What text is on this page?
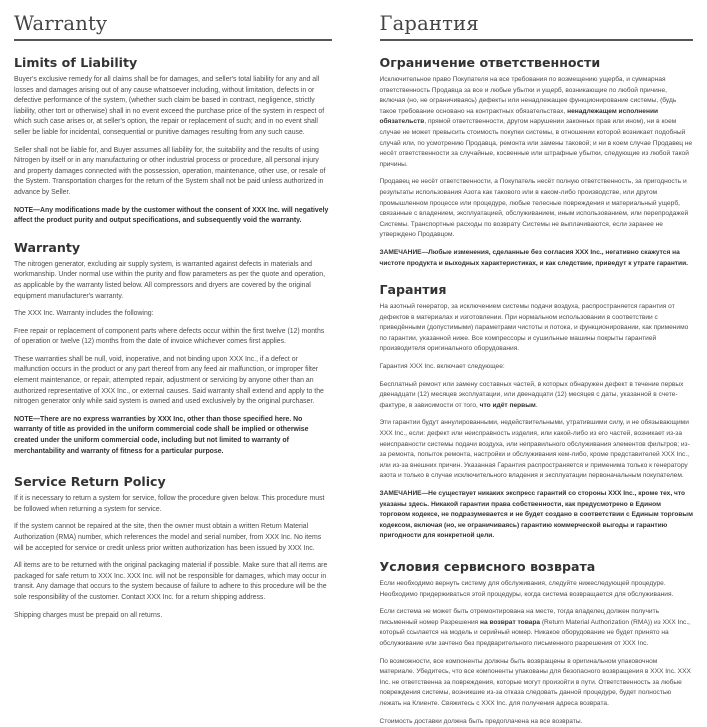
Warranty
Limits of Liability

Buyer's exclusive remedy for all claims shall be for damages, and seller's total liability for any and all losses and damages arising out of any cause whatsoever including, without limitation, defects in or defective performance of the system, (whether such claim be based in contract, negligence, strictly liability, other tort or otherwise) shall in no event exceed the purchase price of the system in respect of which such case arises or, at seller's option, the repair or replacement of such; and in no event shall seller be liable for incidental, consequential or punitive damages resulting from any such cause.

Seller shall not be liable for, and Buyer assumes all liability for, the suitability and the results of using Nitrogen by itself or in any manufacturing or other industrial process or procedure, all personal injury and property damages connected with the possession, operation, maintenance, other use, or resale of the System. Transportation charges for the return of the System shall not be paid unless authorized in advance by Seller.

NOTE—Any modifications made by the customer without the consent of XXX Inc. will negatively affect the product purity and output specifications, and subsequently void the warranty.

Warranty

The nitrogen generator, excluding air supply system, is warranted against defects in materials and workmanship. Under normal use within the purity and flow parameters as per the quote and operation, as applicable by the warranty listed below. All compressors and dryers are covered by the original equipment manufacturer's warranty.

The XXX Inc. Warranty includes the following:

Free repair or replacement of component parts where defects occur within the first twelve (12) months of operation or twelve (12) months from the date of invoice whichever comes first applies.

These warranties shall be null, void, inoperative, and not binding upon XXX Inc., if a defect or malfunction occurs in the product or any part thereof from any feed air malfunction, or improper filter element maintenance, or repair, attempted repair, adjustment or servicing by anyone other than an authorized representative of XXX Inc., or external causes. Said warranty shall extend and apply to the nitrogen generator only while said system is owned and used exclusively by the original purchaser.

NOTE—There are no express warranties by XXX Inc, other than those specified here. No warranty of title as provided in the uniform commercial code shall be implied or otherwise created under the uniform commercial code, including but not limited to warranty of merchantability and warranty of fitness for a particular purpose.

Service Return Policy

If it is necessary to return a system for service, follow the procedure given below. This procedure must be followed when returning a system for service.

If the system cannot be repaired at the site, then the owner must obtain a written Return Material Authorization (RMA) number, which references the model and serial number, from XXX Inc. No items will be accepted for service or credit unless prior written authorization has been issued by XXX Inc.

All items are to be returned with the original packaging material if possible. Make sure that all items are packaged for safe return to XXX Inc. XXX Inc. will not be responsible for damages, which may occur in transit. Any damage that occurs to the system because of failure to adhere to this procedure will be the sole responsibility of the customer. Contact XXX Inc. for a return shipping address.

Shipping charges must be prepaid on all returns.

Гарантия
Ограничение ответственности

Исключительное право Покупателя на все требования по возмещению ущерба, и суммарная ответственность Продавца за все и любые убытки и ущерб, возникающие по любой причине, включая (но, не ограничиваясь) дефекты или ненадлежащее функционирование системы, (будь такое требование основано на контрактных обязательствах, ненадлежащем исполнении обязательств, прямой ответственности, другом нарушении законных прав или ином), ни в коем случае не может превысить стоимость покупки системы, в отношении которой возникает подобный случай или, по усмотрению Продавца, ремонта или замены таковой; и ни в коем случае Продавец не несёт ответственности за случайные, косвенные или штрафные убытки, следующие из любой такой причины.

Продавец не несёт ответственности, а Покупатель несёт полную ответственность, за пригодность и результаты использования Азота как такового или в каком-либо производстве, или другом промышленном процессе или процедуре, любые телесные повреждения и материальный ущерб, связанные с владением, эксплуатацией, обслуживанием, иным использованием, или перепродажей Системы. Транспортные расходы по возврату Системы не выплачиваются, если заранее не утверждено Продавцом.

ЗАМЕЧАНИЕ—Любые изменения, сделанные без согласия XXX Inc., негативно скажутся на чистоте продукта и выходных характеристиках, и как следствие, приведут к утрате гарантии.

Гарантия

На азотный генератор, за исключением системы подачи воздуха, распространяется гарантия от дефектов в материалах и изготовлении. При нормальном использовании в соответствии с приведёнными (допустимыми) параметрами чистоты и потока, и функционировании, как применимо по гарантии, указанной ниже. Все компрессоры и сушильные машины покрыты гарантией производителя оригинального оборудования.

Гарантия XXX Inc. включает следующее:

Бесплатный ремонт или замену составных частей, в которых обнаружен дефект в течение первых двенадцати (12) месяцев эксплуатации, или двенадцати (12) месяцев с даты, указанной в счете-фактуре, в зависимости от того, что идёт первым.

Эти гарантии будут аннулированными, недействительными, утратившими силу, и не обязывающими XXX Inc., если: дефект или неисправность изделия, или какой-либо из его частей, возникает из-за неисправности системы подачи воздуха, или неправильного обслуживания элементов фильтров; из-за ремонта, попыток ремонта, настройки и обслуживания кем-либо, кроме представителей XXX Inc., или из-за внешних причин. Указанная Гарантия распространяется и применима только к генератору азота и только в случае исключительного владения и эксплуатации первоначальным покупателем.

ЗАМЕЧАНИЕ—Не существует никаких экспресс гарантий со стороны XXX Inc., кроме тех, что указаны здесь. Никакой гарантии права собственности, как предусмотрено в Едином торговом кодексе, не подразумевается и не будет создано в соответствии с Единым торговым кодексом, включая (но, не ограничиваясь) гарантию коммерческой выгоды и гарантию пригодности для конкретной цели.

Условия сервисного возврата

Если необходимо вернуть систему для обслуживания, следуйте нижеследующей процедуре. Необходимо придерживаться этой процедуры, когда система возвращается для обслуживания.

Если система не может быть отремонтирована на месте, тогда владелец должен получить письменный номер Разрешения на возврат товара (Return Material Authorization (RMA)) из XXX Inc., который ссылается на модель и серийный номер. Никакое оборудование не будет принято на обслуживание или зачтено без предварительного письменного разрешения от XXX Inc.

По возможности, все компоненты должны быть возвращены в оригинальном упаковочном материале. Убедитесь, что все компоненты упакованы для безопасного возвращения в XXX Inc. XXX Inc. не ответственна за повреждения, которые могут произойти в пути. Ответственность за любые повреждения системы, возникшие из-за отказа следовать данной процедуре, будет полностью лежать на Клиенте. Свяжитесь с XXX Inc. для получения адреса возврата.

Стоимость доставки должна быть предоплачена на все возвраты.
